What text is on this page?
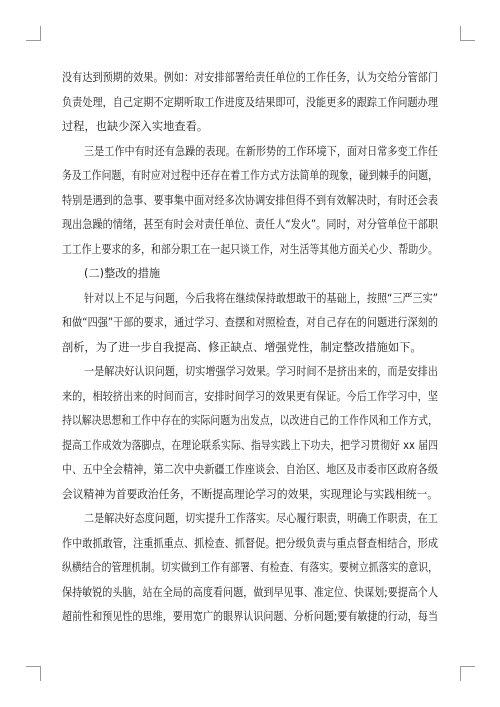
没有达到预期的效果。例如：对安排部署给责任单位的工作任务，认为交给分管部门
负责处理，自己定期不定期听取工作进度及结果即可，没能更多的跟踪工作问题办理
过程，也缺少深入实地查看。
三是工作中有时还有急躁的表现。在新形势的工作环境下，面对日常多变工作任
务及工作问题，有时应对过程中还存在着工作方式方法简单的现象，碰到棘手的问题，
特别是遇到的急事、要事集中面对经多次协调安排但得不到有效解决时，有时还会表
现出急躁的情绪，甚至有时会对责任单位、责任人“发火”。同时，对分管单位干部职
工工作上要求的多，和部分职工在一起只谈工作，对生活等其他方面关心少、帮助少。
(二)整改的措施
针对以上不足与问题，今后我将在继续保持敢想敢干的基础上，按照“三严三实”
和做“四强”干部的要求，通过学习、查摆和对照检查，对自己存在的问题进行深刻的
剖析，为了进一步自我提高、修正缺点、增强党性，制定整改措施如下。
一是解决好认识问题，切实增强学习效果。学习时间不是挤出来的，而是安排出
来的，相较挤出来的时间而言，安排时间学习的效果更有保证。今后工作学习中，坚
持以解决思想和工作中存在的实际问题为出发点，以改进自己的工作作风和工作方式，
提高工作成效为落脚点，在理论联系实际、指导实践上下功夫，把学习贯彻好 xx 届四
中、五中全会精神，第二次中央新疆工作座谈会、自治区、地区及市委市区政府各级
会议精神为首要政治任务，不断提高理论学习的效果，实现理论与实践相统一。
二是解决好态度问题，切实提升工作落实。尽心履行职责，明确工作职责，在工
作中敢抓敢管，注重抓重点、抓检查、抓督促。把分级负责与重点督查相结合，形成
纵横结合的管理机制。切实做到工作有部署、有检查、有落实。要树立抓落实的意识，
保持敏锐的头脑，站在全局的高度看问题，做到早见事、准定位、快谋划;要提高个人
超前性和预见性的思维，要用宽广的眼界认识问题、分析问题;要有敏捷的行动，每当
